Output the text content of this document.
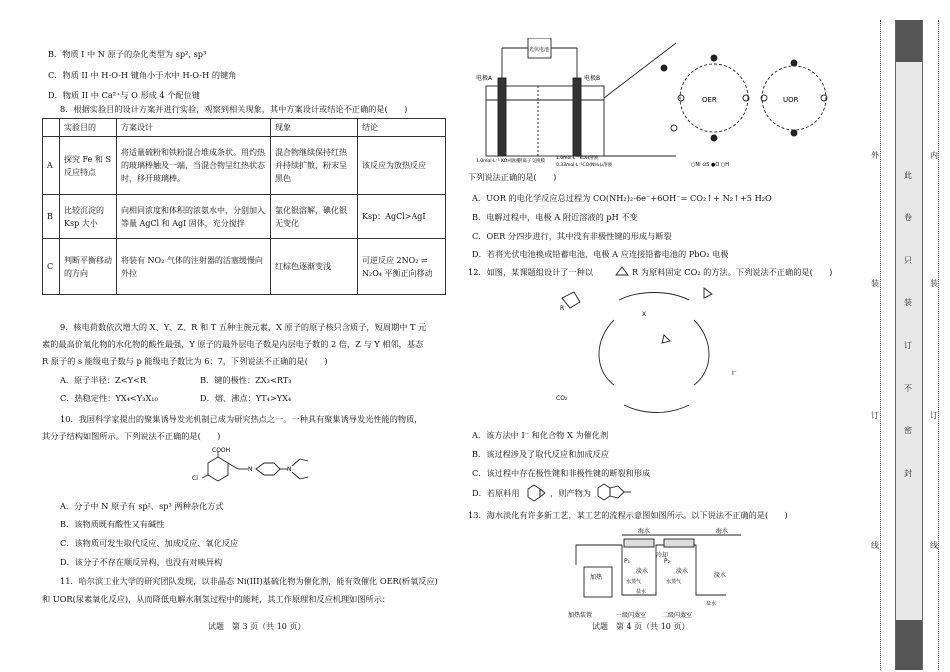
B．物质 I 中 N 原子的杂化类型为 sp², sp³
C．物质 II 中 H-O-H 键角小于水中 H-O-H 的键角
D．物质 II 中 Ca²⁺与 O 形成 4 个配位键
8．根据实验目的设计方案并进行实验，观察到相关现象，其中方案设计或结论不正确的是(　　)
	实验目的	方案设计	现象	结论
A	探究 Fe 和 S 反应特点	将适量硫粉和铁粉混合堆成条状。用灼热的玻璃棒触及一端，当混合物呈红热状态时，移开玻璃棒。	混合物继续保持红热并持续扩散，粉末呈黑色	该反应为放热反应
B	比较沉淀的 Ksp 大小	向相同浓度和体积的浓氨水中，分别加入等量 AgCl 和 AgI 固体，充分搅拌	氯化银溶解，碘化银无变化	Ksp：AgCl>AgI
C	判断平衡移动的方向	将装有 NO₂ 气体的注射器的活塞缓慢向外拉	红棕色逐渐变浅	可逆反应 2NO₂ ⇌ N₂O₄ 平衡正向移动
9．核电荷数依次增大的 X、Y、Z、R 和 T 五种主族元素，X 原子的原子核只含质子，短周期中 T 元
素的最高价氧化物的水化物的酸性最强，Y 原子的最外层电子数是内层电子数的 2 倍，Z 与 Y 相邻，基态
R 原子的 s 能级电子数与 p 能级电子数比为 6：7，下列说法不正确的是(　　)
A．原子半径：Z<Y<R	B．键的极性：ZX₃<RT₃
C．热稳定性：YX₄<Y₃X₁₀	D．熔、沸点：YT₄>YX₄
10．我国科学家提出的聚集诱导发光机制已成为研究热点之一。一种具有聚集诱导发光性能的物质，
其分子结构如图所示。下列说法不正确的是(　　)
COOH
Cl
N	N
A．分子中 N 原子有 sp²、sp³ 两种杂化方式
B．该物质既有酸性又有碱性
C．该物质可发生取代反应、加成反应、氧化反应
D．该分子不存在顺反异构，也没有对映异构
11．哈尔滨工业大学的研究团队发现，以非晶态 Ni(III)基硫化物为催化剂，能有效催化 OER(析氧反应)
和 UOR(尿素氧化反应)，从而降低电解水制氢过程中的能耗，其工作原理和反应机理如图所示：
试题　第 3 页（共 10 页）
电极A	电极B
光伏电池
1.0mol·L⁻¹ KOH溶液
阴离子交换膜
1.0mol·L⁻¹KOH溶液
0.33mol·L⁻¹CO(NH₂)₂溶液
OER	UOR
○Ni ⊙S ●O ○H
下列说法正确的是(　　)
A．UOR 的电化学反应总过程为 CO(NH₂)₂-6e⁻+6OH⁻= CO₂↑+ N₂↑+5 H₂O
B．电解过程中，电极 A 附近溶液的 pH 不变
C．OER 分四步进行，其中没有非极性键的形成与断裂
D．若将光伏电池换成铅蓄电池，电极 A 应连接铅蓄电池的 PbO₂ 电极
12．如图，某课题组设计了一种以	R 为原料固定 CO₂ 的方法。下列说法不正确的是(　　)
X
CO₂
I⁻
R
A．该方法中 I⁻ 和化合物 X 为催化剂
B．该过程涉及了取代反应和加成反应
C．该过程中存在极性键和非极性键的断裂和形成
D．若原料用	，则产物为
13．海水淡化有许多新工艺，某工艺的流程示意图如图所示。以下说法不正确的是(　　)
海水	海水
冷却
淡水	淡水
淡水
水蒸气	水蒸气
盐水
盐水
加热
P₁	P₂
加热装置	一级闪蒸室	二级闪蒸室
试题　第 4 页（共 10 页）
外
装
订
线
内
装
订
线
此
卷
只
装
订
不
密
封
